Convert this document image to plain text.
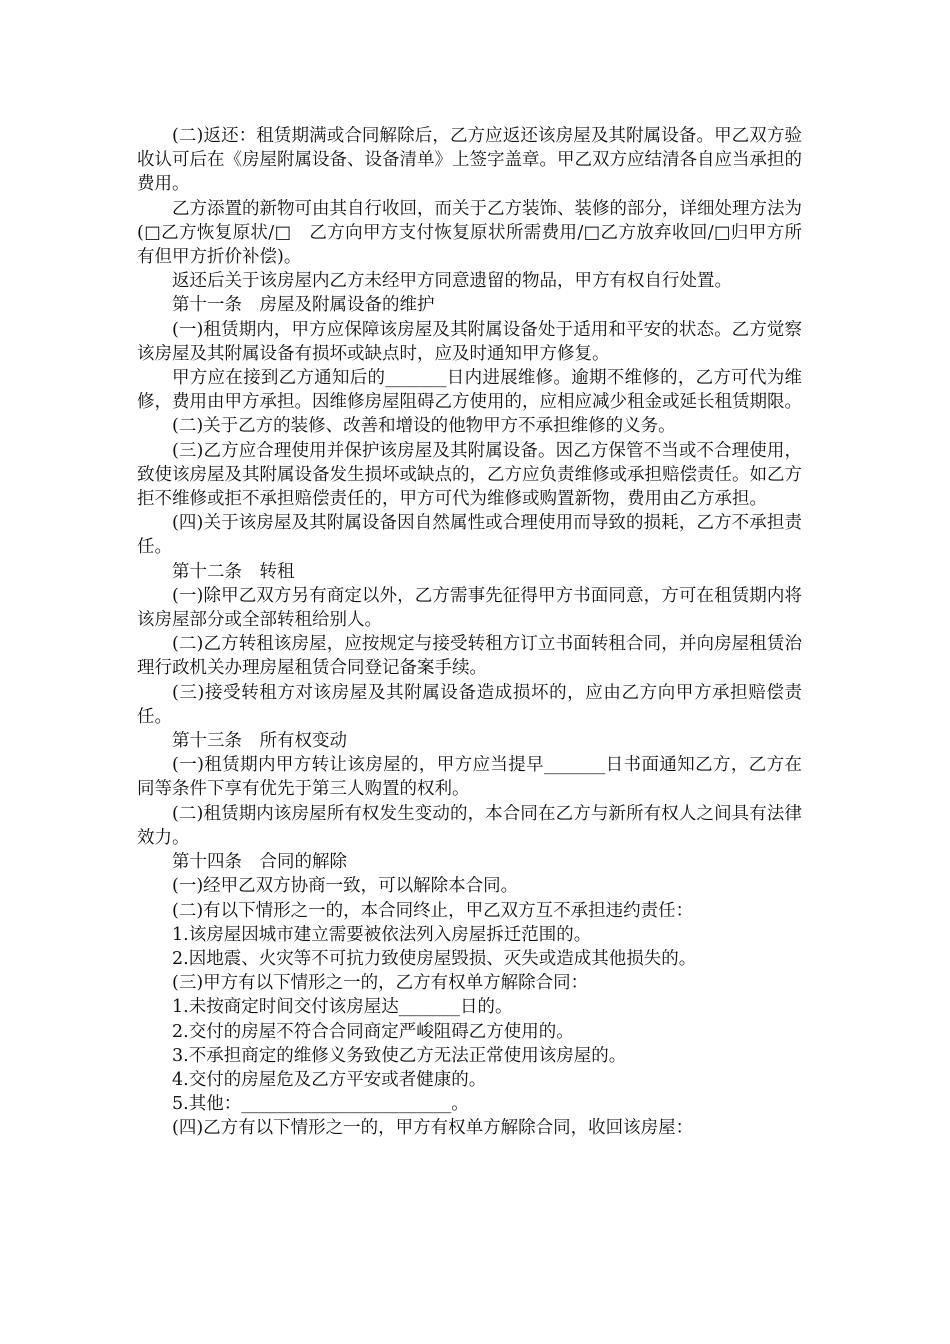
(二)返还：租赁期满或合同解除后，乙方应返还该房屋及其附属设备。甲乙双方验收认可后在《房屋附属设备、设备清单》上签字盖章。甲乙双方应结清各自应当承担的费用。

乙方添置的新物可由其自行收回，而关于乙方装饰、装修的部分，详细处理方法为(□乙方恢复原状/□　乙方向甲方支付恢复原状所需费用/□乙方放弃收回/□归甲方所有但甲方折价补偿)。

返还后关于该房屋内乙方未经甲方同意遗留的物品，甲方有权自行处置。

第十一条　房屋及附属设备的维护

(一)租赁期内，甲方应保障该房屋及其附属设备处于适用和平安的状态。乙方觉察该房屋及其附属设备有损坏或缺点时，应及时通知甲方修复。

甲方应在接到乙方通知后的_______日内进展维修。逾期不维修的，乙方可代为维修，费用由甲方承担。因维修房屋阻碍乙方使用的，应相应减少租金或延长租赁期限。

(二)关于乙方的装修、改善和增设的他物甲方不承担维修的义务。

(三)乙方应合理使用并保护该房屋及其附属设备。因乙方保管不当或不合理使用，致使该房屋及其附属设备发生损坏或缺点的，乙方应负责维修或承担赔偿责任。如乙方拒不维修或拒不承担赔偿责任的，甲方可代为维修或购置新物，费用由乙方承担。

(四)关于该房屋及其附属设备因自然属性或合理使用而导致的损耗，乙方不承担责任。

第十二条　转租

(一)除甲乙双方另有商定以外，乙方需事先征得甲方书面同意，方可在租赁期内将该房屋部分或全部转租给别人。

(二)乙方转租该房屋，应按规定与接受转租方订立书面转租合同，并向房屋租赁治理行政机关办理房屋租赁合同登记备案手续。

(三)接受转租方对该房屋及其附属设备造成损坏的，应由乙方向甲方承担赔偿责任。

第十三条　所有权变动

(一)租赁期内甲方转让该房屋的，甲方应当提早_______日书面通知乙方，乙方在同等条件下享有优先于第三人购置的权利。

(二)租赁期内该房屋所有权发生变动的，本合同在乙方与新所有权人之间具有法律效力。

第十四条　合同的解除

(一)经甲乙双方协商一致，可以解除本合同。

(二)有以下情形之一的，本合同终止，甲乙双方互不承担违约责任：

1.该房屋因城市建立需要被依法列入房屋拆迁范围的。

2.因地震、火灾等不可抗力致使房屋毁损、灭失或造成其他损失的。

(三)甲方有以下情形之一的，乙方有权单方解除合同：

1.未按商定时间交付该房屋达_______日的。

2.交付的房屋不符合合同商定严峻阻碍乙方使用的。

3.不承担商定的维修义务致使乙方无法正常使用该房屋的。

4.交付的房屋危及乙方平安或者健康的。

5.其他：________________________。

(四)乙方有以下情形之一的，甲方有权单方解除合同，收回该房屋：
